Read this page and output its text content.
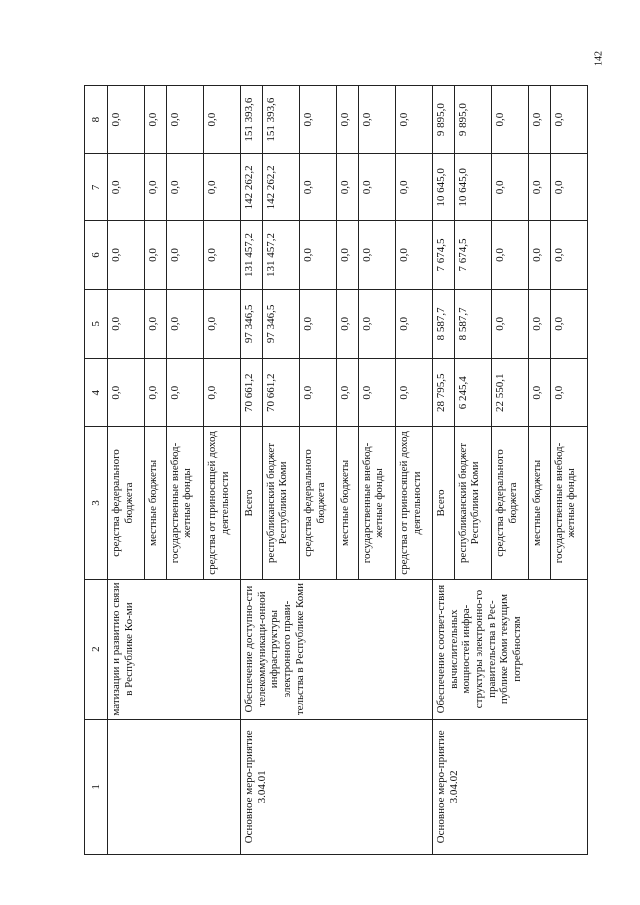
142
1	2	3	4	5	6	7	8
	матизации и развитию связи в Республике Ко-ми	средства федерального бюджета	0,0	0,0	0,0	0,0	0,0
		местные бюджеты	0,0	0,0	0,0	0,0	0,0
		государственные внебюд-жетные фонды	0,0	0,0	0,0	0,0	0,0
		средства от приносящей доход деятельности	0,0	0,0	0,0	0,0	0,0
Основное меро-приятие 3.04.01	Обеспечение доступно-сти телекоммуникаци-онной инфраструктуры электронного прави-тельства в Республике Коми	Всего	70 661,2	97 346,5	131 457,2	142 262,2	151 393,6
		республиканский бюджет Республики Коми	70 661,2	97 346,5	131 457,2	142 262,2	151 393,6
		средства федерального бюджета	0,0	0,0	0,0	0,0	0,0
		местные бюджеты	0,0	0,0	0,0	0,0	0,0
		государственные внебюд-жетные фонды	0,0	0,0	0,0	0,0	0,0
		средства от приносящей доход деятельности	0,0	0,0	0,0	0,0	0,0
Основное меро-приятие 3.04.02	Обеспечение соответ-ствия вычислительных мощностей инфра-структуры электронно-го правительства в Рес-публике Коми текущим потребностям	Всего	28 795,5	8 587,7	7 674,5	10 645,0	9 895,0
		республиканский бюджет Республики Коми	6 245,4	8 587,7	7 674,5	10 645,0	9 895,0
		средства федерального бюджета	22 550,1	0,0	0,0	0,0	0,0
		местные бюджеты	0,0	0,0	0,0	0,0	0,0
		государственные внебюд-жетные фонды	0,0	0,0	0,0	0,0	0,0
